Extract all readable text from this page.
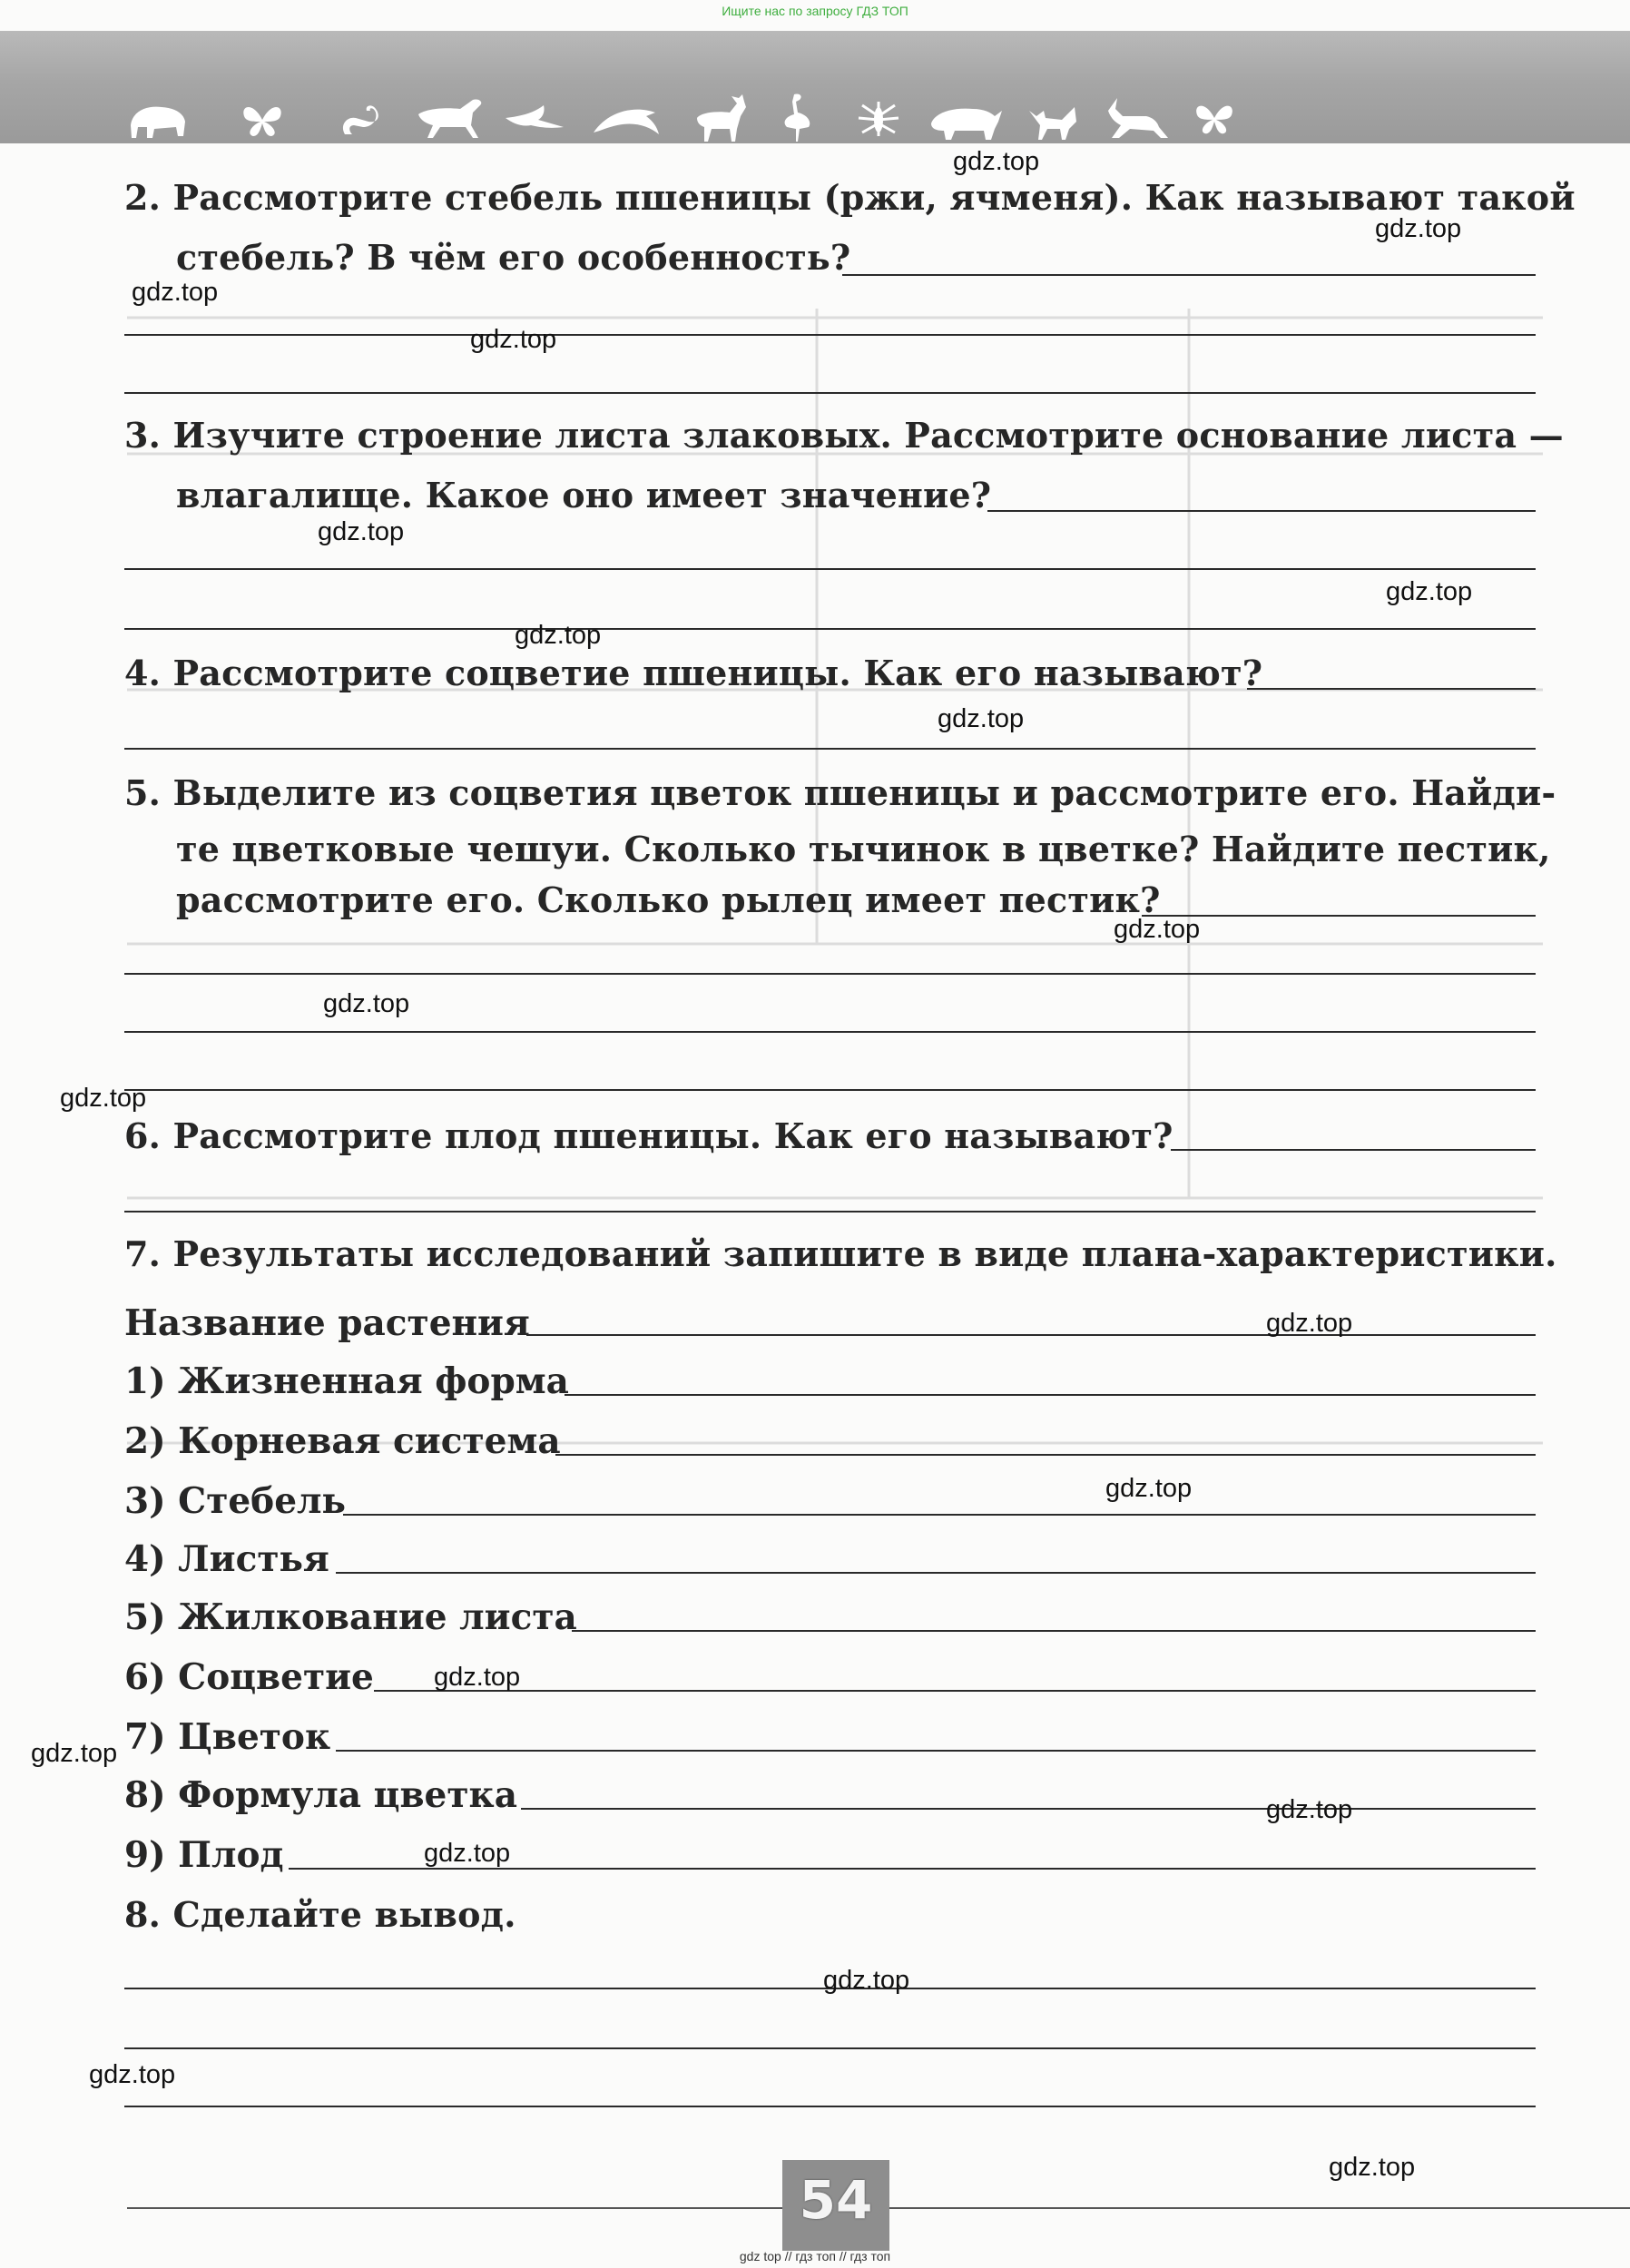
Ищите нас по запросу ГДЗ ТОП
2. Рассмотрите стебель пшеницы (ржи, ячменя). Как называют такой
стебель? В чём его особенность?
3. Изучите строение листа злаковых. Рассмотрите основание листа —
влагалище. Какое оно имеет значение?
4. Рассмотрите соцветие пшеницы. Как его называют?
5. Выделите из соцветия цветок пшеницы и рассмотрите его. Найди-
те цветковые чешуи. Сколько тычинок в цветке? Найдите пестик,
рассмотрите его. Сколько рылец имеет пестик?
6. Рассмотрите плод пшеницы. Как его называют?
7. Результаты исследований запишите в виде плана-характеристики.
Название растения
1) Жизненная форма
2) Корневая система
3) Стебель
4) Листья
5) Жилкование листа
6) Соцветие
7) Цветок
8) Формула цветка
9) Плод
8. Сделайте вывод.
gdz.top
gdz.top
gdz.top
gdz.top
gdz.top
gdz.top
gdz.top
gdz.top
gdz.top
gdz.top
gdz.top
gdz.top
gdz.top
gdz.top
gdz.top
gdz.top
gdz.top
gdz.top
gdz.top
gdz.top
54
gdz top // гдз топ // гдз топ
